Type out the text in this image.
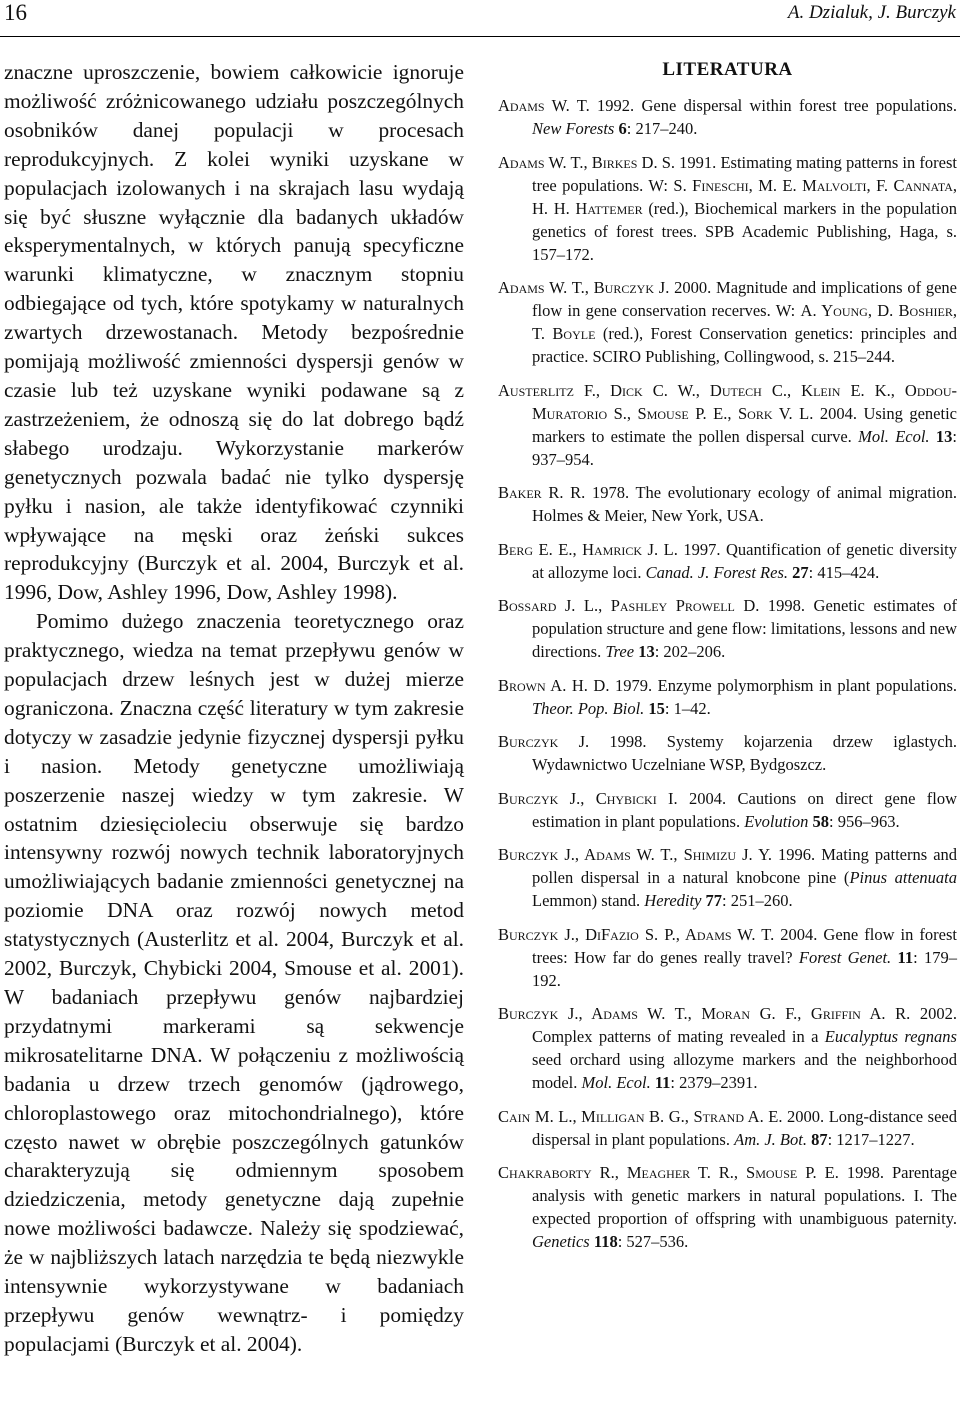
16	A. Dzialuk, J. Burczyk

znaczne uproszczenie, bowiem całkowicie ignoruje możliwość zróżnicowanego udziału poszczególnych osobników danej populacji w procesach reprodukcyjnych. Z kolei wyniki uzyskane w populacjach izolowanych i na skrajach lasu wydają się być słuszne wyłącznie dla badanych układów eksperymentalnych, w których panują specyficzne warunki klimatyczne, w znacznym stopniu odbiegające od tych, które spotykamy w naturalnych zwartych drzewostanach. Metody bezpośrednie pomijają możliwość zmienności dyspersji genów w czasie lub też uzyskane wyniki podawane są z zastrzeżeniem, że odnoszą się do lat dobrego bądź słabego urodzaju. Wykorzystanie markerów genetycznych pozwala badać nie tylko dyspersję pyłku i nasion, ale także identyfikować czynniki wpływające na męski oraz żeński sukces reprodukcyjny (Burczyk et al. 2004, Burczyk et al. 1996, Dow, Ashley 1996, Dow, Ashley 1998).

Pomimo dużego znaczenia teoretycznego oraz praktycznego, wiedza na temat przepływu genów w populacjach drzew leśnych jest w dużej mierze ograniczona. Znaczna część literatury w tym zakresie dotyczy w zasadzie jedynie fizycznej dyspersji pyłku i nasion. Metody genetyczne umożliwiają poszerzenie naszej wiedzy w tym zakresie. W ostatnim dziesięcioleciu obserwuje się bardzo intensywny rozwój nowych technik laboratoryjnych umożliwiających badanie zmienności genetycznej na poziomie DNA oraz rozwój nowych metod statystycznych (Austerlitz et al. 2004, Burczyk et al. 2002, Burczyk, Chybicki 2004, Smouse et al. 2001). W badaniach przepływu genów najbardziej przydatnymi markerami są sekwencje mikrosatelitarne DNA. W połączeniu z możliwością badania u drzew trzech genomów (jądrowego, chloroplastowego oraz mitochondrialnego), które często nawet w obrębie poszczególnych gatunków charakteryzują się odmiennym sposobem dziedziczenia, metody genetyczne dają zupełnie nowe możliwości badawcze. Należy się spodziewać, że w najbliższych latach narzędzia te będą niezwykle intensywnie wykorzystywane w badaniach przepływu genów wewnątrz- i pomiędzy populacjami (Burczyk et al. 2004).

LITERATURA
Adams W. T. 1992. Gene dispersal within forest tree populations. New Forests 6: 217–240.
Adams W. T., Birkes D. S. 1991. Estimating mating patterns in forest tree populations. W: S. Fineschi, M. E. Malvolti, F. Cannata, H. H. Hattemer (red.), Biochemical markers in the population genetics of forest trees. SPB Academic Publishing, Haga, s. 157–172.
Adams W. T., Burczyk J. 2000. Magnitude and implications of gene flow in gene conservation recerves. W: A. Young, D. Boshier, T. Boyle (red.), Forest Conservation genetics: principles and practice. SCIRO Publishing, Collingwood, s. 215–244.
Austerlitz F., Dick C. W., Dutech C., Klein E. K., Oddou-Muratorio S., Smouse P. E., Sork V. L. 2004. Using genetic markers to estimate the pollen dispersal curve. Mol. Ecol. 13: 937–954.
Baker R. R. 1978. The evolutionary ecology of animal migration. Holmes & Meier, New York, USA.
Berg E. E., Hamrick J. L. 1997. Quantification of genetic diversity at allozyme loci. Canad. J. Forest Res. 27: 415–424.
Bossard J. L., Pashley Prowell D. 1998. Genetic estimates of population structure and gene flow: limitations, lessons and new directions. Tree 13: 202–206.
Brown A. H. D. 1979. Enzyme polymorphism in plant populations. Theor. Pop. Biol. 15: 1–42.
Burczyk J. 1998. Systemy kojarzenia drzew iglastych. Wydawnictwo Uczelniane WSP, Bydgoszcz.
Burczyk J., Chybicki I. 2004. Cautions on direct gene flow estimation in plant populations. Evolution 58: 956–963.
Burczyk J., Adams W. T., Shimizu J. Y. 1996. Mating patterns and pollen dispersal in a natural knobcone pine (Pinus attenuata Lemmon) stand. Heredity 77: 251–260.
Burczyk J., DiFazio S. P., Adams W. T. 2004. Gene flow in forest trees: How far do genes really travel? Forest Genet. 11: 179–192.
Burczyk J., Adams W. T., Moran G. F., Griffin A. R. 2002. Complex patterns of mating revealed in a Eucalyptus regnans seed orchard using allozyme markers and the neighborhood model. Mol. Ecol. 11: 2379–2391.
Cain M. L., Milligan B. G., Strand A. E. 2000. Long-distance seed dispersal in plant populations. Am. J. Bot. 87: 1217–1227.
Chakraborty R., Meagher T. R., Smouse P. E. 1998. Parentage analysis with genetic markers in natural populations. I. The expected proportion of offspring with unambiguous paternity. Genetics 118: 527–536.
